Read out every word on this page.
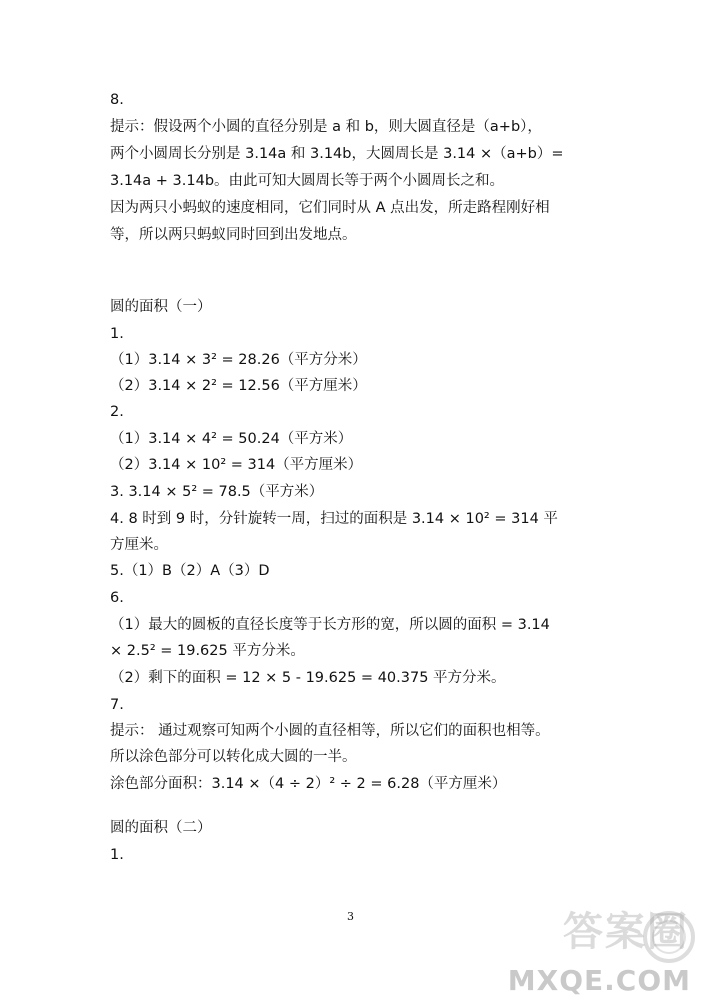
8.
提示：假设两个小圆的直径分别是 a 和 b，则大圆直径是（a+b），
两个小圆周长分别是 3.14a 和 3.14b，大圆周长是 3.14 ×（a+b）=
3.14a + 3.14b。由此可知大圆周长等于两个小圆周长之和。
因为两只小蚂蚁的速度相同，它们同时从 A 点出发，所走路程刚好相
等，所以两只蚂蚁同时回到出发地点。
圆的面积（一）
1.
（1）3.14 × 3² = 28.26（平方分米）
（2）3.14 × 2² = 12.56（平方厘米）
2.
（1）3.14 × 4² = 50.24（平方米）
（2）3.14 × 10² = 314（平方厘米）
3. 3.14 × 5² = 78.5（平方米）
4. 8 时到 9 时，分针旋转一周，扫过的面积是 3.14 × 10² = 314 平
方厘米。
5.（1）B（2）A（3）D
6.
（1）最大的圆板的直径长度等于长方形的宽，所以圆的面积 = 3.14
× 2.5² = 19.625 平方分米。
（2）剩下的面积 = 12 × 5 - 19.625 = 40.375 平方分米。
7.
提示： 通过观察可知两个小圆的直径相等，所以它们的面积也相等。
所以涂色部分可以转化成大圆的一半。
涂色部分面积：3.14 ×（4 ÷ 2）² ÷ 2 = 6.28（平方厘米）
圆的面积（二）
1.
3	答案圈
MXQE.COM
